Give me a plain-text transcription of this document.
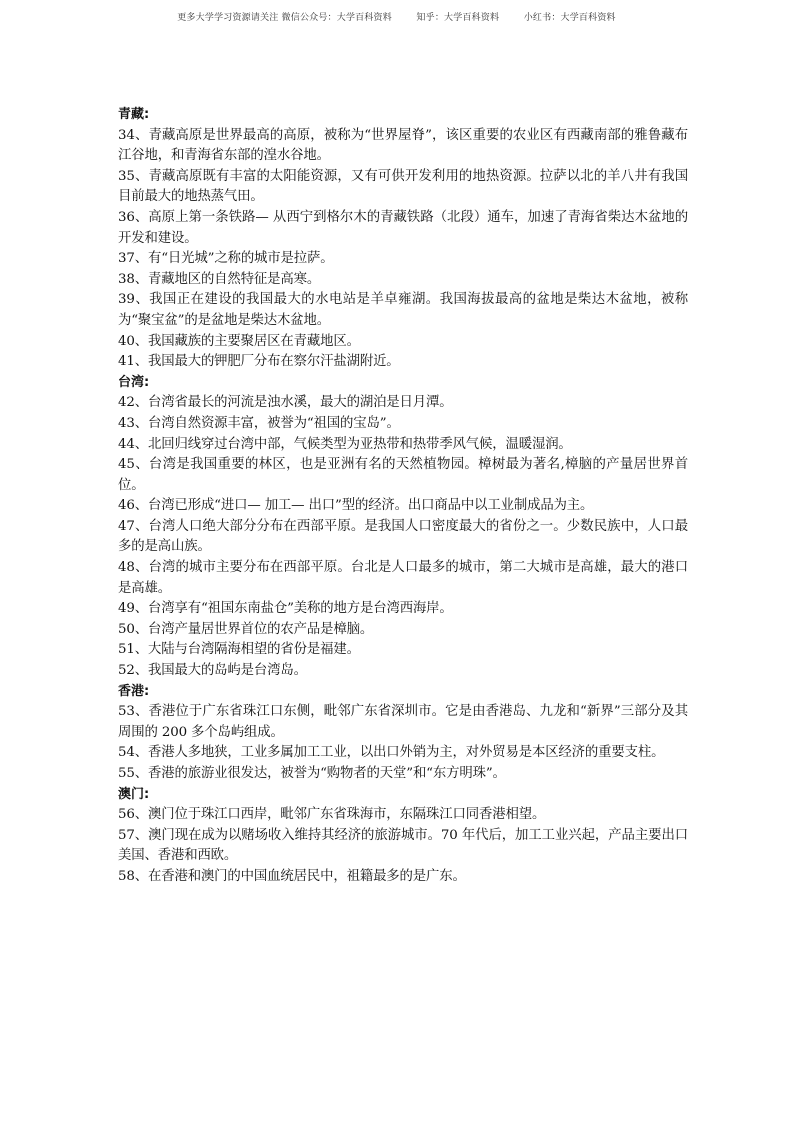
更多大学学习资源请关注 微信公众号：大学百科资料        知乎：大学百科资料        小红书：大学百科资料

青藏:

34、青藏高原是世界最高的高原，被称为“世界屋脊”，该区重要的农业区有西藏南部的雅鲁藏布江谷地，和青海省东部的湟水谷地。

35、青藏高原既有丰富的太阳能资源，又有可供开发利用的地热资源。拉萨以北的羊八井有我国目前最大的地热蒸气田。

36、高原上第一条铁路— 从西宁到格尔木的青藏铁路（北段）通车，加速了青海省柴达木盆地的开发和建设。

37、有“日光城”之称的城市是拉萨。

38、青藏地区的自然特征是高寒。

39、我国正在建设的我国最大的水电站是羊卓雍湖。我国海拔最高的盆地是柴达木盆地，被称为“聚宝盆”的是盆地是柴达木盆地。

40、我国藏族的主要聚居区在青藏地区。

41、我国最大的钾肥厂分布在察尔汗盐湖附近。

台湾:

42、台湾省最长的河流是浊水溪，最大的湖泊是日月潭。

43、台湾自然资源丰富，被誉为“祖国的宝岛”。

44、北回归线穿过台湾中部，气候类型为亚热带和热带季风气候，温暖湿润。

45、台湾是我国重要的林区，也是亚洲有名的天然植物园。樟树最为著名,樟脑的产量居世界首位。

46、台湾已形成“进口— 加工— 出口”型的经济。出口商品中以工业制成品为主。

47、台湾人口绝大部分分布在西部平原。是我国人口密度最大的省份之一。少数民族中，人口最多的是高山族。

48、台湾的城市主要分布在西部平原。台北是人口最多的城市，第二大城市是高雄，最大的港口是高雄。

49、台湾享有“祖国东南盐仓”美称的地方是台湾西海岸。

50、台湾产量居世界首位的农产品是樟脑。

51、大陆与台湾隔海相望的省份是福建。

52、我国最大的岛屿是台湾岛。

香港:

53、香港位于广东省珠江口东侧，毗邻广东省深圳市。它是由香港岛、九龙和“新界”三部分及其周围的 200 多个岛屿组成。

54、香港人多地狭，工业多属加工工业，以出口外销为主，对外贸易是本区经济的重要支柱。

55、香港的旅游业很发达，被誉为“购物者的天堂”和“东方明珠”。

澳门:

56、澳门位于珠江口西岸，毗邻广东省珠海市，东隔珠江口同香港相望。

57、澳门现在成为以赌场收入维持其经济的旅游城市。70 年代后，加工工业兴起，产品主要出口美国、香港和西欧。

58、在香港和澳门的中国血统居民中，祖籍最多的是广东。
